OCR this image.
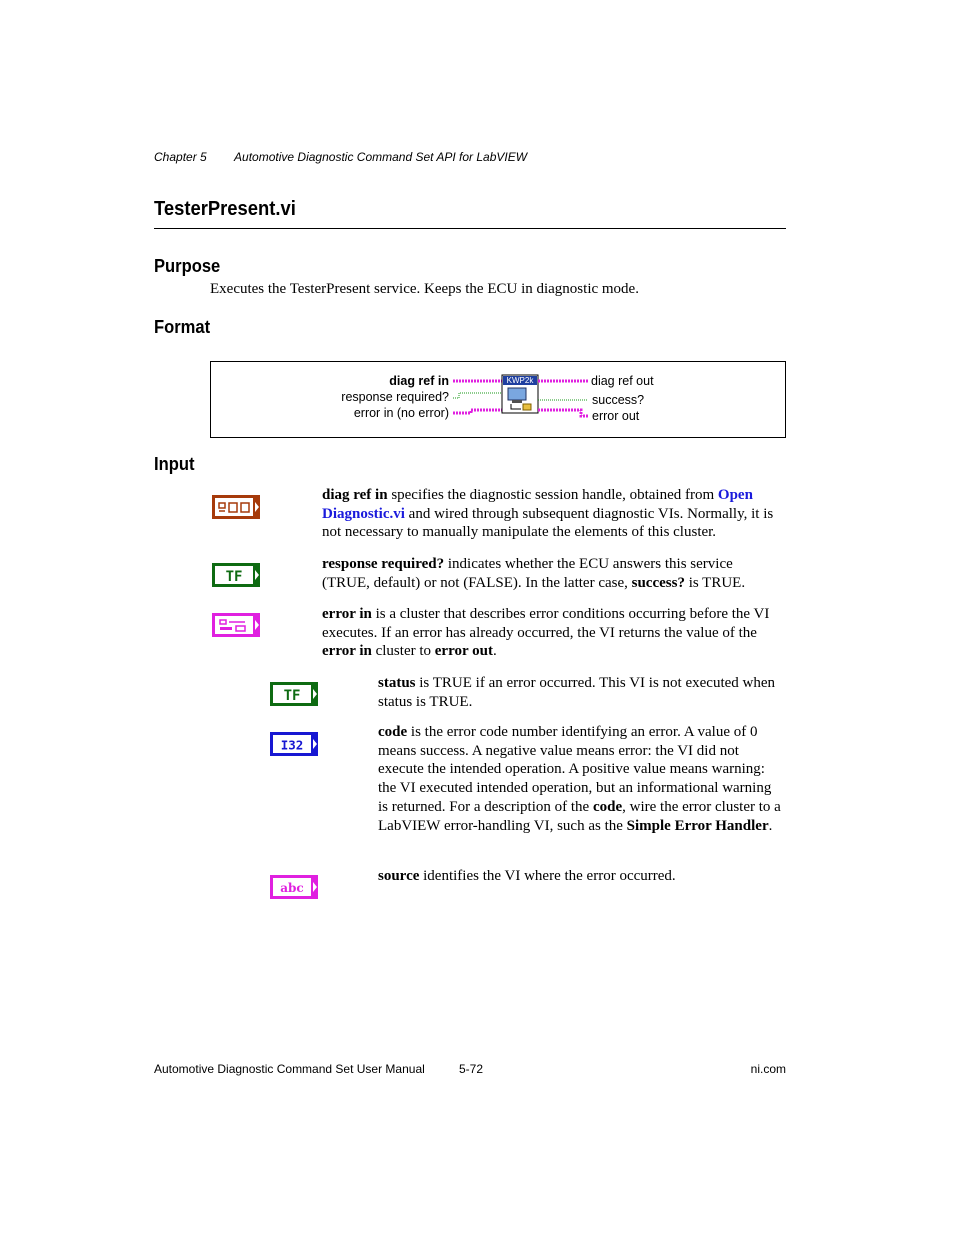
Chapter 5 Automotive Diagnostic Command Set API for LabVIEW
TesterPresent.vi
Purpose
Executes the TesterPresent service. Keeps the ECU in diagnostic mode.
Format
diag ref in
response required?
error in (no error)
KWP2k	diag ref out
success?
error out
Input
diag ref in specifies the diagnostic session handle, obtained from Open Diagnostic.vi and wired through subsequent diagnostic VIs. Normally, it is not necessary to manually manipulate the elements of this cluster.
TF
response required? indicates whether the ECU answers this service (TRUE, default) or not (FALSE). In the latter case, success? is TRUE.
error in is a cluster that describes error conditions occurring before the VI executes. If an error has already occurred, the VI returns the value of the error in cluster to error out.
TF
status is TRUE if an error occurred. This VI is not executed when status is TRUE.
I32
code is the error code number identifying an error. A value of 0 means success. A negative value means error: the VI did not execute the intended operation. A positive value means warning: the VI executed intended operation, but an informational warning is returned. For a description of the code, wire the error cluster to a LabVIEW error-handling VI, such as the Simple Error Handler.
abc
source identifies the VI where the error occurred.
Automotive Diagnostic Command Set User Manual	5-72	ni.com
